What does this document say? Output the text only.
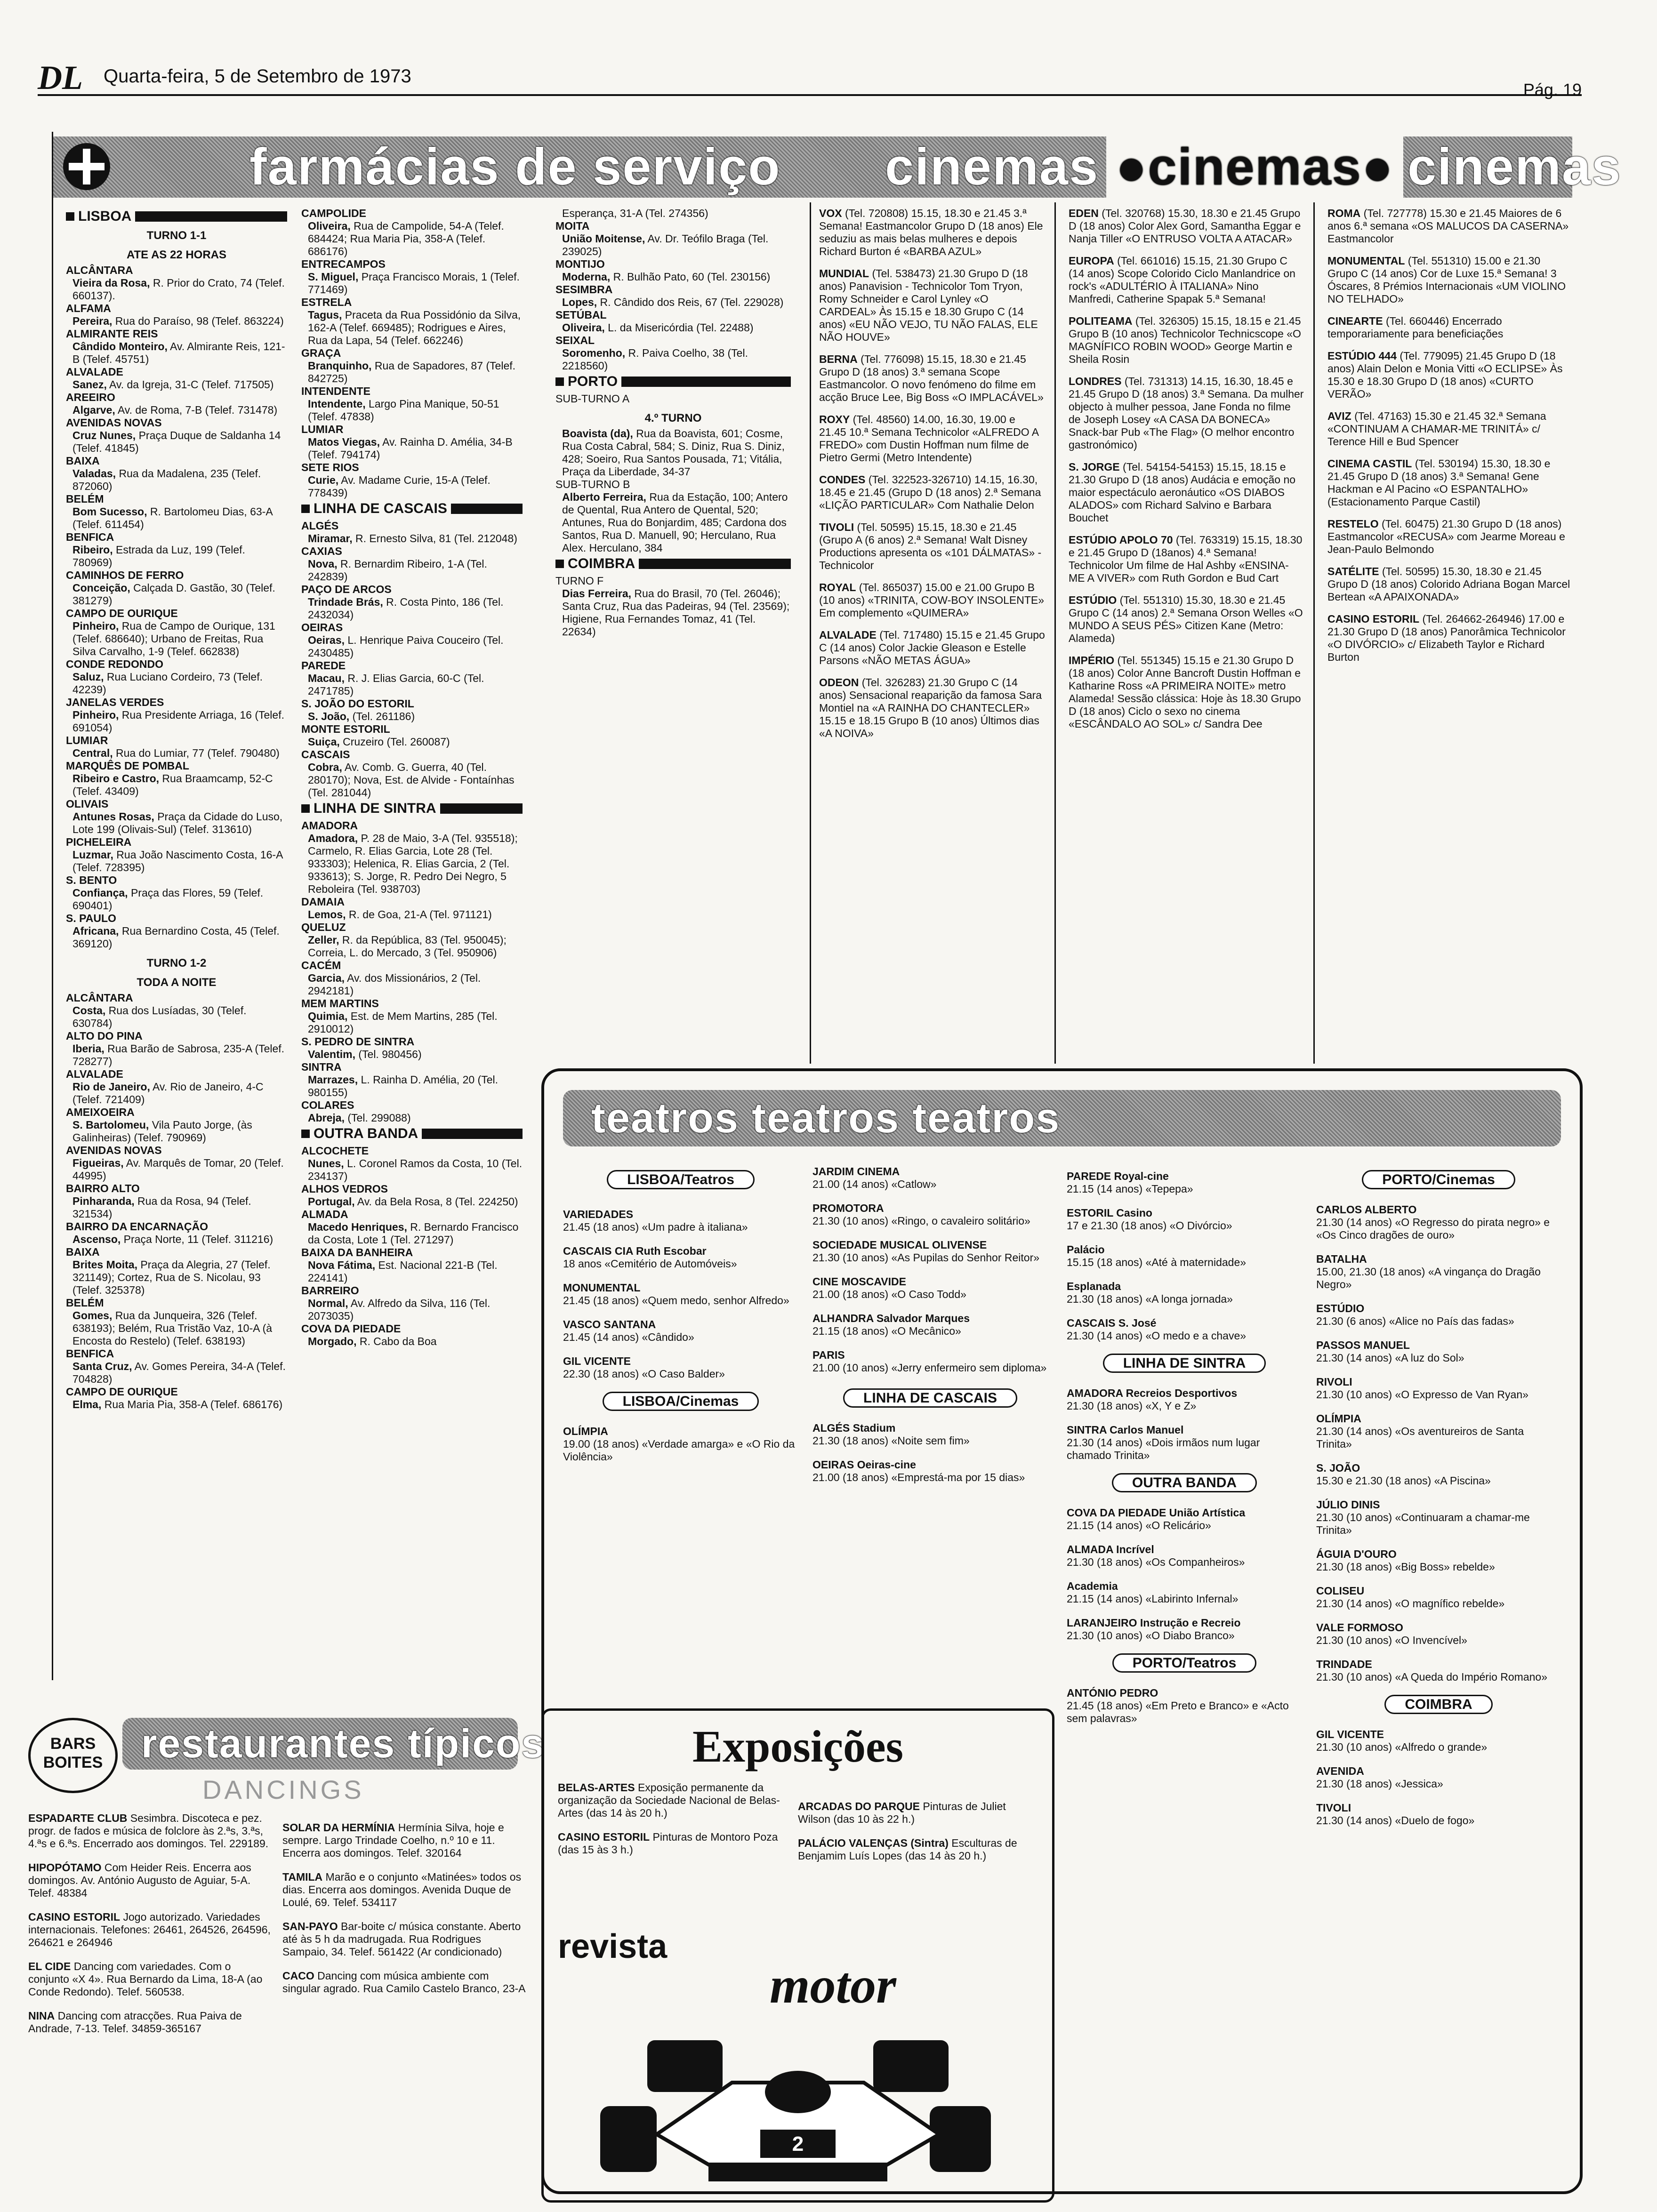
DL Quarta-feira, 5 de Setembro de 1973
Pág. 19
farmácias de serviço cinemas ●cinemas● cinemas
LISBOA
TURNO 1-1
ATE AS 22 HORAS
ALCÂNTARA
Vieira da Rosa, R. Prior do Crato, 74 (Telef. 660137).
ALFAMA
Pereira, Rua do Paraíso, 98 (Telef. 863224)
ALMIRANTE REIS
Cândido Monteiro, Av. Almirante Reis, 121-B (Telef. 45751)
ALVALADE
Sanez, Av. da Igreja, 31-C (Telef. 717505)
AREEIRO
Algarve, Av. de Roma, 7-B (Telef. 731478)
AVENIDAS NOVAS
Cruz Nunes, Praça Duque de Saldanha 14 (Telef. 41845)
BAIXA
Valadas, Rua da Madalena, 235 (Telef. 872060)
BELÉM
Bom Sucesso, R. Bartolomeu Dias, 63-A (Telef. 611454)
BENFICA
Ribeiro, Estrada da Luz, 199 (Telef. 780969)
CAMINHOS DE FERRO
Conceição, Calçada D. Gastão, 30 (Telef. 381279)
CAMPO DE OURIQUE
Pinheiro, Rua de Campo de Ourique, 131 (Telef. 686640); Urbano de Freitas, Rua Silva Carvalho, 1-9 (Telef. 662838)
CONDE REDONDO
Saluz, Rua Luciano Cordeiro, 73 (Telef. 42239)
JANELAS VERDES
Pinheiro, Rua Presidente Arriaga, 16 (Telef. 691054)
LUMIAR
Central, Rua do Lumiar, 77 (Telef. 790480)
MARQUÊS DE POMBAL
Ribeiro e Castro, Rua Braamcamp, 52-C (Telef. 43409)
OLIVAIS
Antunes Rosas, Praça da Cidade do Luso, Lote 199 (Olivais-Sul) (Telef. 313610)
PICHELEIRA
Luzmar, Rua João Nascimento Costa, 16-A (Telef. 728395)
S. BENTO
Confiança, Praça das Flores, 59 (Telef. 690401)
S. PAULO
Africana, Rua Bernardino Costa, 45 (Telef. 369120)
TURNO 1-2
TODA A NOITE
ALCÂNTARA
Costa, Rua dos Lusíadas, 30 (Telef. 630784)
ALTO DO PINA
Iberia, Rua Barão de Sabrosa, 235-A (Telef. 728277)
ALVALADE
Rio de Janeiro, Av. Rio de Janeiro, 4-C (Telef. 721409)
AMEIXOEIRA
S. Bartolomeu, Vila Pauto Jorge, (às Galinheiras) (Telef. 790969)
AVENIDAS NOVAS
Figueiras, Av. Marquês de Tomar, 20 (Telef. 44995)
BAIRRO ALTO
Pinharanda, Rua da Rosa, 94 (Telef. 321534)
BAIRRO DA ENCARNAÇÃO
Ascenso, Praça Norte, 11 (Telef. 311216)
BAIXA
Brites Moita, Praça da Alegria, 27 (Telef. 321149); Cortez, Rua de S. Nicolau, 93 (Telef. 325378)
BELÉM
Gomes, Rua da Junqueira, 326 (Telef. 638193); Belém, Rua Tristão Vaz, 10-A (à Encosta do Restelo) (Telef. 638193)
BENFICA
Santa Cruz, Av. Gomes Pereira, 34-A (Telef. 704828)
CAMPO DE OURIQUE
Elma, Rua Maria Pia, 358-A (Telef. 686176)
CAMPOLIDE
Oliveira, Rua de Campolide, 54-A (Telef. 684424; Rua Maria Pia, 358-A (Telef. 686176)
ENTRECAMPOS
S. Miguel, Praça Francisco Morais, 1 (Telef. 771469)
ESTRELA
Tagus, Praceta da Rua Possidónio da Silva, 162-A (Telef. 669485); Rodrigues e Aires, Rua da Lapa, 54 (Telef. 662246)
GRAÇA
Branquinho, Rua de Sapadores, 87 (Telef. 842725)
INTENDENTE
Intendente, Largo Pina Manique, 50-51 (Telef. 47838)
LUMIAR
Matos Viegas, Av. Rainha D. Amélia, 34-B (Telef. 794174)
SETE RIOS
Curie, Av. Madame Curie, 15-A (Telef. 778439)
LINHA DE CASCAIS
ALGÉS
Miramar, R. Ernesto Silva, 81 (Tel. 212048)
CAXIAS
Nova, R. Bernardim Ribeiro, 1-A (Tel. 242839)
PAÇO DE ARCOS
Trindade Brás, R. Costa Pinto, 186 (Tel. 2432034)
OEIRAS
Oeiras, L. Henrique Paiva Couceiro (Tel. 2430485)
PAREDE
Macau, R. J. Elias Garcia, 60-C (Tel. 2471785)
S. JOÃO DO ESTORIL
S. João, (Tel. 261186)
MONTE ESTORIL
Suiça, Cruzeiro (Tel. 260087)
CASCAIS
Cobra, Av. Comb. G. Guerra, 40 (Tel. 280170); Nova, Est. de Alvide - Fontaínhas (Tel. 281044)
LINHA DE SINTRA
AMADORA
Amadora, P. 28 de Maio, 3-A (Tel. 935518); Carmelo, R. Elias Garcia, Lote 28 (Tel. 933303); Helenica, R. Elias Garcia, 2 (Tel. 933613); S. Jorge, R. Pedro Dei Negro, 5 Reboleira (Tel. 938703)
DAMAIA
Lemos, R. de Goa, 21-A (Tel. 971121)
QUELUZ
Zeller, R. da República, 83 (Tel. 950045); Correia, L. do Mercado, 3 (Tel. 950906)
CACÉM
Garcia, Av. dos Missionários, 2 (Tel. 2942181)
MEM MARTINS
Quimia, Est. de Mem Martins, 285 (Tel. 2910012)
S. PEDRO DE SINTRA
Valentim, (Tel. 980456)
SINTRA
Marrazes, L. Rainha D. Amélia, 20 (Tel. 980155)
COLARES
Abreja, (Tel. 299088)
OUTRA BANDA
ALCOCHETE
Nunes, L. Coronel Ramos da Costa, 10 (Tel. 234137)
ALHOS VEDROS
Portugal, Av. da Bela Rosa, 8 (Tel. 224250)
ALMADA
Macedo Henriques, R. Bernardo Francisco da Costa, Lote 1 (Tel. 271297)
BAIXA DA BANHEIRA
Nova Fátima, Est. Nacional 221-B (Tel. 224141)
BARREIRO
Normal, Av. Alfredo da Silva, 116 (Tel. 2073035)
COVA DA PIEDADE
Morgado, R. Cabo da Boa
Esperança, 31-A (Tel. 274356)
MOITA
União Moitense, Av. Dr. Teófilo Braga (Tel. 239025)
MONTIJO
Moderna, R. Bulhão Pato, 60 (Tel. 230156)
SESIMBRA
Lopes, R. Cândido dos Reis, 67 (Tel. 229028)
SETÚBAL
Oliveira, L. da Misericórdia (Tel. 22488)
SEIXAL
Soromenho, R. Paiva Coelho, 38 (Tel. 2218560)
PORTO
SUB-TURNO A
4.º TURNO
Boavista (da), Rua da Boavista, 601; Cosme, Rua Costa Cabral, 584; S. Diniz, Rua S. Diniz, 428; Soeiro, Rua Santos Pousada, 71; Vitália, Praça da Liberdade, 34-37
SUB-TURNO B
Alberto Ferreira, Rua da Estação, 100; Antero de Quental, Rua Antero de Quental, 520; Antunes, Rua do Bonjardim, 485; Cardona dos Santos, Rua D. Manuell, 90; Herculano, Rua Alex. Herculano, 384
COIMBRA
TURNO F
Dias Ferreira, Rua do Brasil, 70 (Tel. 26046); Santa Cruz, Rua das Padeiras, 94 (Tel. 23569); Higiene, Rua Fernandes Tomaz, 41 (Tel. 22634)
VOX (Tel. 720808) 15.15, 18.30 e 21.45 3.ª Semana! Eastmancolor Grupo D (18 anos) Ele seduziu as mais belas mulheres e depois Richard Burton é «BARBA AZUL»
MUNDIAL (Tel. 538473) 21.30 Grupo D (18 anos) Panavision - Technicolor Tom Tryon, Romy Schneider e Carol Lynley «O CARDEAL» Às 15.15 e 18.30 Grupo C (14 anos) «EU NÃO VEJO, TU NÃO FALAS, ELE NÃO HOUVE»
BERNA (Tel. 776098) 15.15, 18.30 e 21.45 Grupo D (18 anos) 3.ª semana Scope Eastmancolor. O novo fenómeno do filme em acção Bruce Lee, Big Boss «O IMPLACÁVEL»
ROXY (Tel. 48560) 14.00, 16.30, 19.00 e 21.45 10.ª Semana Technicolor «ALFREDO A FREDO» com Dustin Hoffman num filme de Pietro Germi (Metro Intendente)
CONDES (Tel. 322523-326710) 14.15, 16.30, 18.45 e 21.45 (Grupo D (18 anos) 2.ª Semana «LIÇÃO PARTICULAR» Com Nathalie Delon
TIVOLI (Tel. 50595) 15.15, 18.30 e 21.45 (Grupo A (6 anos) 2.ª Semana! Walt Disney Productions apresenta os «101 DÁLMATAS» - Technicolor
ROYAL (Tel. 865037) 15.00 e 21.00 Grupo B (10 anos) «TRINITA, COW-BOY INSOLENTE» Em complemento «QUIMERA»
ALVALADE (Tel. 717480) 15.15 e 21.45 Grupo C (14 anos) Color Jackie Gleason e Estelle Parsons «NÃO METAS ÁGUA»
ODEON (Tel. 326283) 21.30 Grupo C (14 anos) Sensacional reaparição da famosa Sara Montiel na «A RAINHA DO CHANTECLER» 15.15 e 18.15 Grupo B (10 anos) Últimos dias «A NOIVA»
EDEN (Tel. 320768) 15.30, 18.30 e 21.45 Grupo D (18 anos) Color Alex Gord, Samantha Eggar e Nanja Tiller «O ENTRUSO VOLTA A ATACAR»
EUROPA (Tel. 661016) 15.15, 21.30 Grupo C (14 anos) Scope Colorido Ciclo Manlandrice on rock's «ADULTÉRIO À ITALIANA» Nino Manfredi, Catherine Spapak 5.ª Semana!
POLITEAMA (Tel. 326305) 15.15, 18.15 e 21.45 Grupo B (10 anos) Technicolor Technicscope «O MAGNÍFICO ROBIN WOOD» George Martin e Sheila Rosin
LONDRES (Tel. 731313) 14.15, 16.30, 18.45 e 21.45 Grupo D (18 anos) 3.ª Semana. Da mulher objecto à mulher pessoa, Jane Fonda no filme de Joseph Losey «A CASA DA BONECA» Snack-bar Pub «The Flag» (O melhor encontro gastronómico)
S. JORGE (Tel. 54154-54153) 15.15, 18.15 e 21.30 Grupo D (18 anos) Audácia e emoção no maior espectáculo aeronáutico «OS DIABOS ALADOS» com Richard Salvino e Barbara Bouchet
ESTÚDIO APOLO 70 (Tel. 763319) 15.15, 18.30 e 21.45 Grupo D (18anos) 4.ª Semana! Technicolor Um filme de Hal Ashby «ENSINA-ME A VIVER» com Ruth Gordon e Bud Cart
ESTÚDIO (Tel. 551310) 15.30, 18.30 e 21.45 Grupo C (14 anos) 2.ª Semana Orson Welles «O MUNDO A SEUS PÉS» Citizen Kane (Metro: Alameda)
IMPÉRIO (Tel. 551345) 15.15 e 21.30 Grupo D (18 anos) Color Anne Bancroft Dustin Hoffman e Katharine Ross «A PRIMEIRA NOITE» metro Alameda! Sessão clássica: Hoje às 18.30 Grupo D (18 anos) Ciclo o sexo no cinema «ESCÂNDALO AO SOL» c/ Sandra Dee
ROMA (Tel. 727778) 15.30 e 21.45 Maiores de 6 anos 6.ª semana «OS MALUCOS DA CASERNA» Eastmancolor
MONUMENTAL (Tel. 551310) 15.00 e 21.30 Grupo C (14 anos) Cor de Luxe 15.ª Semana! 3 Óscares, 8 Prémios Internacionais «UM VIOLINO NO TELHADO»
CINEARTE (Tel. 660446) Encerrado temporariamente para beneficiações
ESTÚDIO 444 (Tel. 779095) 21.45 Grupo D (18 anos) Alain Delon e Monia Vitti «O ECLIPSE» Às 15.30 e 18.30 Grupo D (18 anos) «CURTO VERÃO»
AVIZ (Tel. 47163) 15.30 e 21.45 32.ª Semana «CONTINUAM A CHAMAR-ME TRINITÁ» c/ Terence Hill e Bud Spencer
CINEMA CASTIL (Tel. 530194) 15.30, 18.30 e 21.45 Grupo D (18 anos) 3.ª Semana! Gene Hackman e Al Pacino «O ESPANTALHO» (Estacionamento Parque Castil)
RESTELO (Tel. 60475) 21.30 Grupo D (18 anos) Eastmancolor «RECUSA» com Jearme Moreau e Jean-Paulo Belmondo
SATÉLITE (Tel. 50595) 15.30, 18.30 e 21.45 Grupo D (18 anos) Colorido Adriana Bogan Marcel Bertean «A APAIXONADA»
CASINO ESTORIL (Tel. 264662-264946) 17.00 e 21.30 Grupo D (18 anos) Panorâmica Technicolor «O DIVÓRCIO» c/ Elizabeth Taylor e Richard Burton
teatros teatros teatros
LISBOA/Teatros
VARIEDADES
21.45 (18 anos) «Um padre à italiana»
CASCAIS CIA Ruth Escobar
18 anos «Cemitério de Automóveis»
MONUMENTAL
21.45 (18 anos) «Quem medo, senhor Alfredo»
VASCO SANTANA
21.45 (14 anos) «Cândido»
GIL VICENTE
22.30 (18 anos) «O Caso Balder»
LISBOA/Cinemas
OLÍMPIA
19.00 (18 anos) «Verdade amarga» e «O Rio da Violência»
JARDIM CINEMA
21.00 (14 anos) «Catlow»
PROMOTORA
21.30 (10 anos) «Ringo, o cavaleiro solitário»
SOCIEDADE MUSICAL OLIVENSE
21.30 (10 anos) «As Pupilas do Senhor Reitor»
CINE MOSCAVIDE
21.00 (18 anos) «O Caso Todd»
ALHANDRA Salvador Marques
21.15 (18 anos) «O Mecânico»
PARIS
21.00 (10 anos) «Jerry enfermeiro sem diploma»
LINHA DE CASCAIS
ALGÉS Stadium
21.30 (18 anos) «Noite sem fim»
OEIRAS Oeiras-cine
21.00 (18 anos) «Emprestá-ma por 15 dias»
PAREDE Royal-cine
21.15 (14 anos) «Tepepa»
ESTORIL Casino
17 e 21.30 (18 anos) «O Divórcio»
Palácio
15.15 (18 anos) «Até à maternidade»
Esplanada
21.30 (18 anos) «A longa jornada»
CASCAIS S. José
21.30 (14 anos) «O medo e a chave»
LINHA DE SINTRA
AMADORA Recreios Desportivos
21.30 (18 anos) «X, Y e Z»
SINTRA Carlos Manuel
21.30 (14 anos) «Dois irmãos num lugar chamado Trinita»
OUTRA BANDA
COVA DA PIEDADE União Artística
21.15 (14 anos) «O Relicário»
ALMADA Incrível
21.30 (18 anos) «Os Companheiros»
Academia
21.15 (14 anos) «Labirinto Infernal»
LARANJEIRO Instrução e Recreio
21.30 (10 anos) «O Diabo Branco»
PORTO/Teatros
ANTÓNIO PEDRO
21.45 (18 anos) «Em Preto e Branco» e «Acto sem palavras»
PORTO/Cinemas
CARLOS ALBERTO
21.30 (14 anos) «O Regresso do pirata negro» e «Os Cinco dragões de ouro»
BATALHA
15.00, 21.30 (18 anos) «A vingança do Dragão Negro»
ESTÚDIO
21.30 (6 anos) «Alice no País das fadas»
PASSOS MANUEL
21.30 (14 anos) «A luz do Sol»
RIVOLI
21.30 (10 anos) «O Expresso de Van Ryan»
OLÍMPIA
21.30 (14 anos) «Os aventureiros de Santa Trinita»
S. JOÃO
15.30 e 21.30 (18 anos) «A Piscina»
JÚLIO DINIS
21.30 (10 anos) «Continuaram a chamar-me Trinita»
ÁGUIA D'OURO
21.30 (18 anos) «Big Boss» rebelde»
COLISEU
21.30 (14 anos) «O magnífico rebelde»
VALE FORMOSO
21.30 (10 anos) «O Invencível»
TRINDADE
21.30 (10 anos) «A Queda do Império Romano»
COIMBRA
GIL VICENTE
21.30 (10 anos) «Alfredo o grande»
AVENIDA
21.30 (18 anos) «Jessica»
TIVOLI
21.30 (14 anos) «Duelo de fogo»
BARS
BOITES restaurantes típicos
DANCINGS
ESPADARTE CLUB Sesimbra. Discoteca e pez. progr. de fados e música de folclore às 2.ªs, 3.ªs, 4.ªs e 6.ªs. Encerrado aos domingos. Tel. 229189.
HIPOPÓTAMO Com Heider Reis. Encerra aos domingos. Av. António Augusto de Aguiar, 5-A. Telef. 48384
CASINO ESTORIL Jogo autorizado. Variedades internacionais. Telefones: 26461, 264526, 264596, 264621 e 264946
EL CIDE Dancing com variedades. Com o conjunto «X 4». Rua Bernardo da Lima, 18-A (ao Conde Redondo). Telef. 560538.
NINA Dancing com atracções. Rua Paiva de Andrade, 7-13. Telef. 34859-365167
SOLAR DA HERMÍNIA Hermínia Silva, hoje e sempre. Largo Trindade Coelho, n.º 10 e 11. Encerra aos domingos. Telef. 320164
TAMILA Marão e o conjunto «Matinées» todos os dias. Encerra aos domingos. Avenida Duque de Loulé, 69. Telef. 534117
SAN-PAYO Bar-boite c/ música constante. Aberto até às 5 h da madrugada. Rua Rodrigues Sampaio, 34. Telef. 561422 (Ar condicionado)
CACO Dancing com música ambiente com singular agrado. Rua Camilo Castelo Branco, 23-A
Exposições
BELAS-ARTES Exposição permanente da organização da Sociedade Nacional de Belas-Artes (das 14 às 20 h.)
CASINO ESTORIL Pinturas de Montoro Poza (das 15 às 3 h.)
ARCADAS DO PARQUE Pinturas de Juliet Wilson (das 10 às 22 h.)
PALÁCIO VALENÇAS (Sintra) Esculturas de Benjamim Luís Lopes (das 14 às 20 h.)
revista
motor
2
